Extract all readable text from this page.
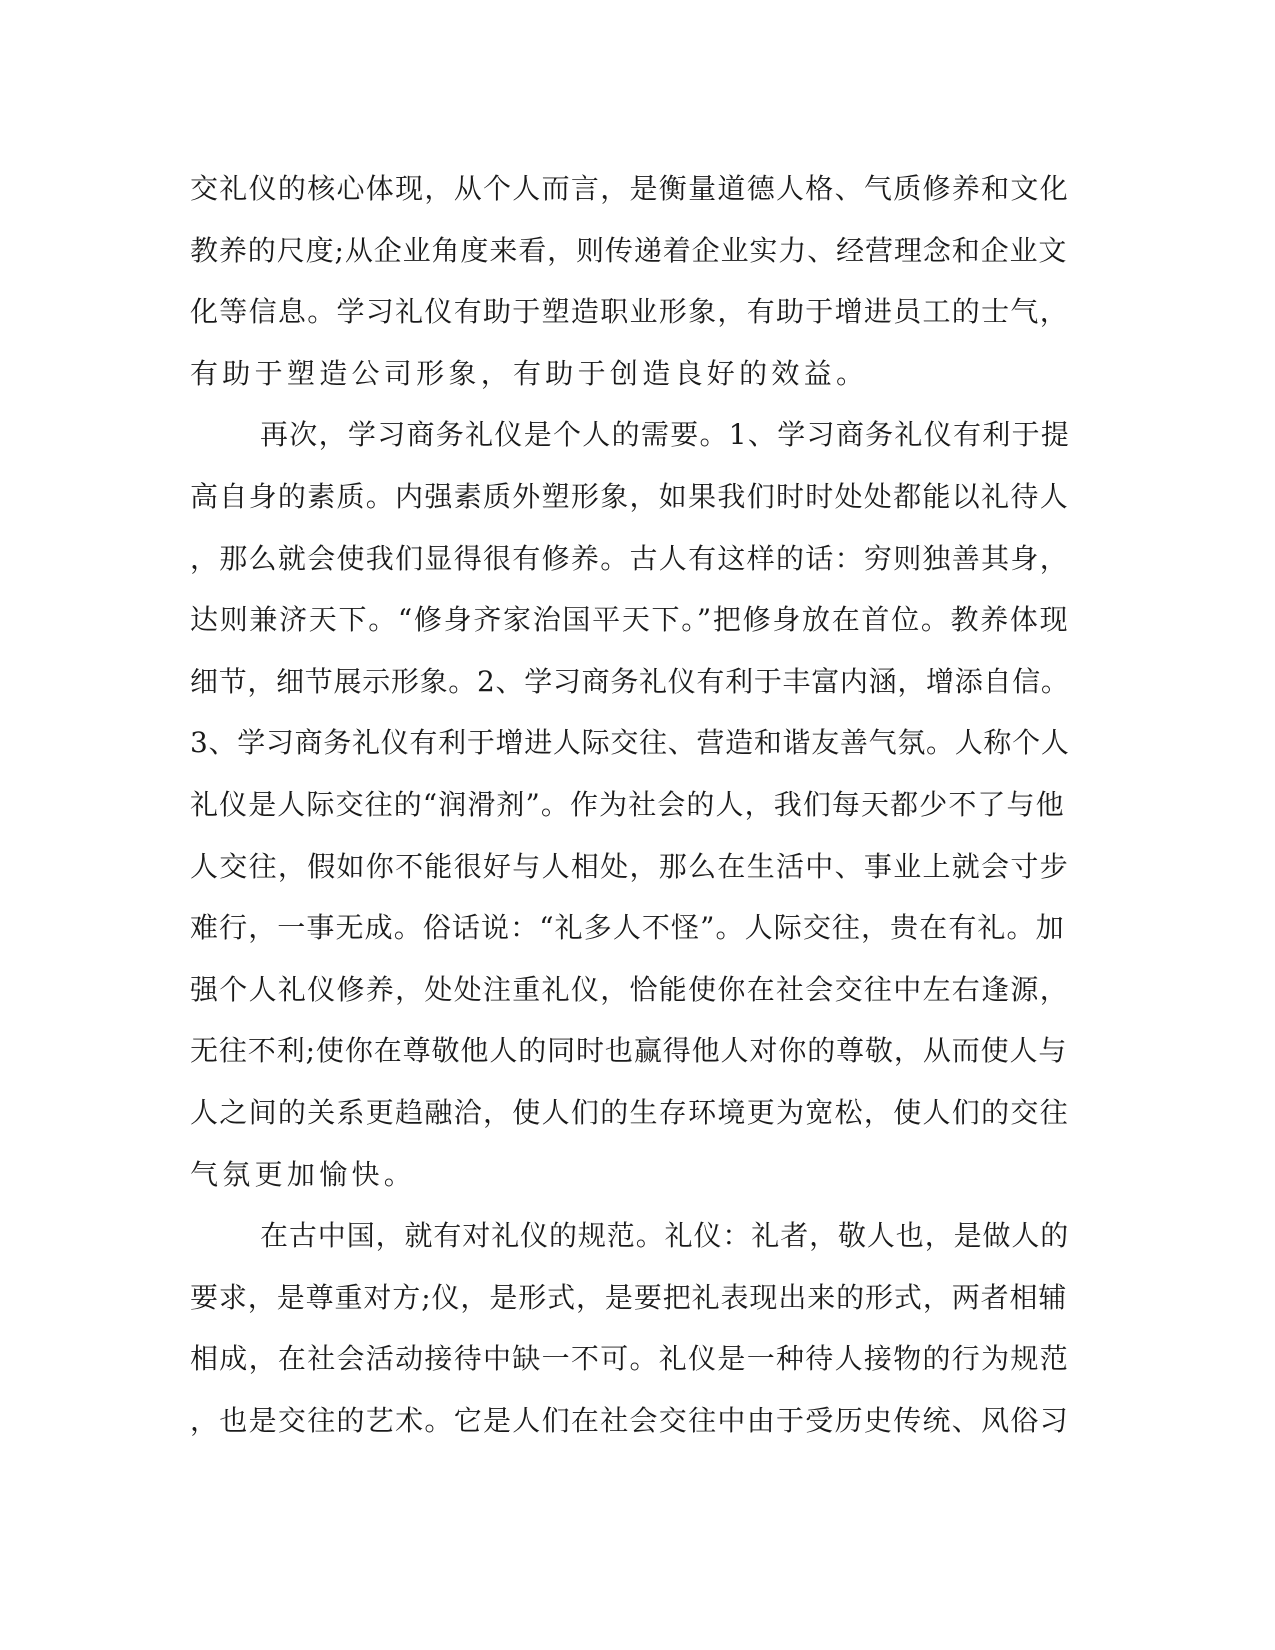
交礼仪的核心体现，从个人而言，是衡量道德人格、气质修养和文化
教养的尺度;从企业角度来看，则传递着企业实力、经营理念和企业文
化等信息。学习礼仪有助于塑造职业形象，有助于增进员工的士气，
有助于塑造公司形象，有助于创造良好的效益。
再次，学习商务礼仪是个人的需要。1、学习商务礼仪有利于提
高自身的素质。内强素质外塑形象，如果我们时时处处都能以礼待人
，那么就会使我们显得很有修养。古人有这样的话：穷则独善其身，
达则兼济天下。“修身齐家治国平天下。”把修身放在首位。教养体现
细节，细节展示形象。2、学习商务礼仪有利于丰富内涵，增添自信。
3、学习商务礼仪有利于增进人际交往、营造和谐友善气氛。人称个人
礼仪是人际交往的“润滑剂”。作为社会的人，我们每天都少不了与他
人交往，假如你不能很好与人相处，那么在生活中、事业上就会寸步
难行，一事无成。俗话说：“礼多人不怪”。人际交往，贵在有礼。加
强个人礼仪修养，处处注重礼仪，恰能使你在社会交往中左右逢源，
无往不利;使你在尊敬他人的同时也赢得他人对你的尊敬，从而使人与
人之间的关系更趋融洽，使人们的生存环境更为宽松，使人们的交往
气氛更加愉快。
在古中国，就有对礼仪的规范。礼仪：礼者，敬人也，是做人的
要求，是尊重对方;仪，是形式，是要把礼表现出来的形式，两者相辅
相成，在社会活动接待中缺一不可。礼仪是一种待人接物的行为规范
，也是交往的艺术。它是人们在社会交往中由于受历史传统、风俗习
